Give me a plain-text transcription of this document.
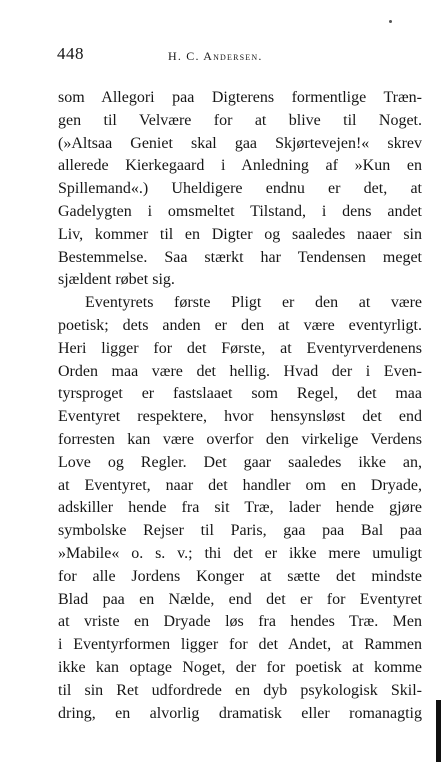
448	H. C. Andersen.
som Allegori paa Digterens formentlige Træn-
gen til Velvære for at blive til Noget.
(»Altsaa Geniet skal gaa Skjørtevejen!« skrev
allerede Kierkegaard i Anledning af »Kun en
Spillemand«.) Uheldigere endnu er det, at
Gadelygten i omsmeltet Tilstand, i dens andet
Liv, kommer til en Digter og saaledes naaer sin
Bestemmelse. Saa stærkt har Tendensen meget
sjældent røbet sig.
Eventyrets første Pligt er den at være
poetisk; dets anden er den at være eventyrligt.
Heri ligger for det Første, at Eventyrverdenens
Orden maa være det hellig. Hvad der i Even-
tyrsproget er fastslaaet som Regel, det maa
Eventyret respektere, hvor hensynsløst det end
forresten kan være overfor den virkelige Verdens
Love og Regler. Det gaar saaledes ikke an,
at Eventyret, naar det handler om en Dryade,
adskiller hende fra sit Træ, lader hende gjøre
symbolske Rejser til Paris, gaa paa Bal paa
»Mabile« o. s. v.; thi det er ikke mere umuligt
for alle Jordens Konger at sætte det mindste
Blad paa en Nælde, end det er for Eventyret
at vriste en Dryade løs fra hendes Træ. Men
i Eventyrformen ligger for det Andet, at Rammen
ikke kan optage Noget, der for poetisk at komme
til sin Ret udfordrede en dyb psykologisk Skil-
dring, en alvorlig dramatisk eller romanagtig
